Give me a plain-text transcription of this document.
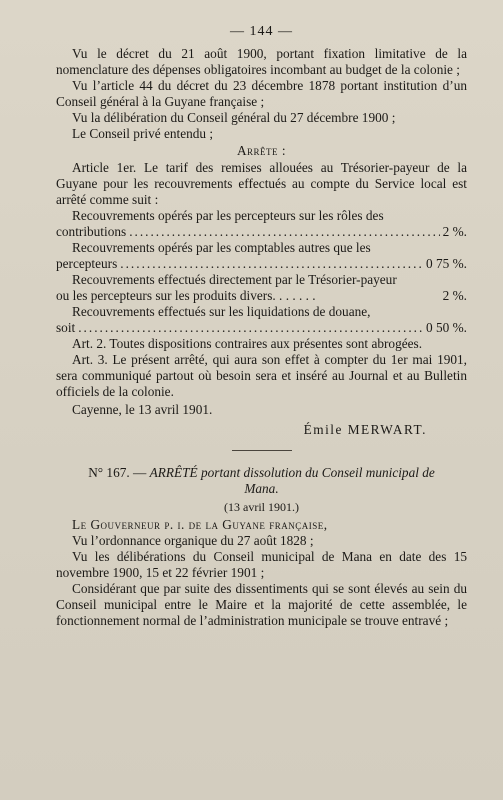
— 144 —

Vu le décret du 21 août 1900, portant fixation limitative de la nomenclature des dépenses obligatoires incombant au budget de la colonie ;

Vu l’article 44 du décret du 23 décembre 1878 portant institution d’un Conseil général à la Guyane française ;

Vu la délibération du Conseil général du 27 décembre 1900 ;

Le Conseil privé entendu ;

Arrête :

Article 1er. Le tarif des remises allouées au Trésorier-payeur de la Guyane pour les recouvrements effectués au compte du Service local est arrêté comme suit :

Recouvrements opérés par les percepteurs sur les rôles des

contributions .....	2 %.

Recouvrements opérés par les comptables autres que les

percepteurs .....	0 75 %.

Recouvrements effectués directement par le Trésorier-payeur

ou les percepteurs sur les produits divers. . . . . . .	2 %.

Recouvrements effectués sur les liquidations de douane,

soit .....	0 50 %.

Art. 2. Toutes dispositions contraires aux présentes sont abrogées.

Art. 3. Le présent arrêté, qui aura son effet à compter du 1er mai 1901, sera communiqué partout où besoin sera et inséré au Journal et au Bulletin officiels de la colonie.

Cayenne, le 13 avril 1901.

Émile MERWART.

N° 167. — ARRÊTÉ portant dissolution du Conseil municipal de Mana.

(13 avril 1901.)

Le Gouverneur p. i. de la Guyane française,

Vu l’ordonnance organique du 27 août 1828 ;

Vu les délibérations du Conseil municipal de Mana en date des 15 novembre 1900, 15 et 22 février 1901 ;

Considérant que par suite des dissentiments qui se sont élevés au sein du Conseil municipal entre le Maire et la majorité de cette assemblée, le fonctionnement normal de l’administration municipale se trouve entravé ;
